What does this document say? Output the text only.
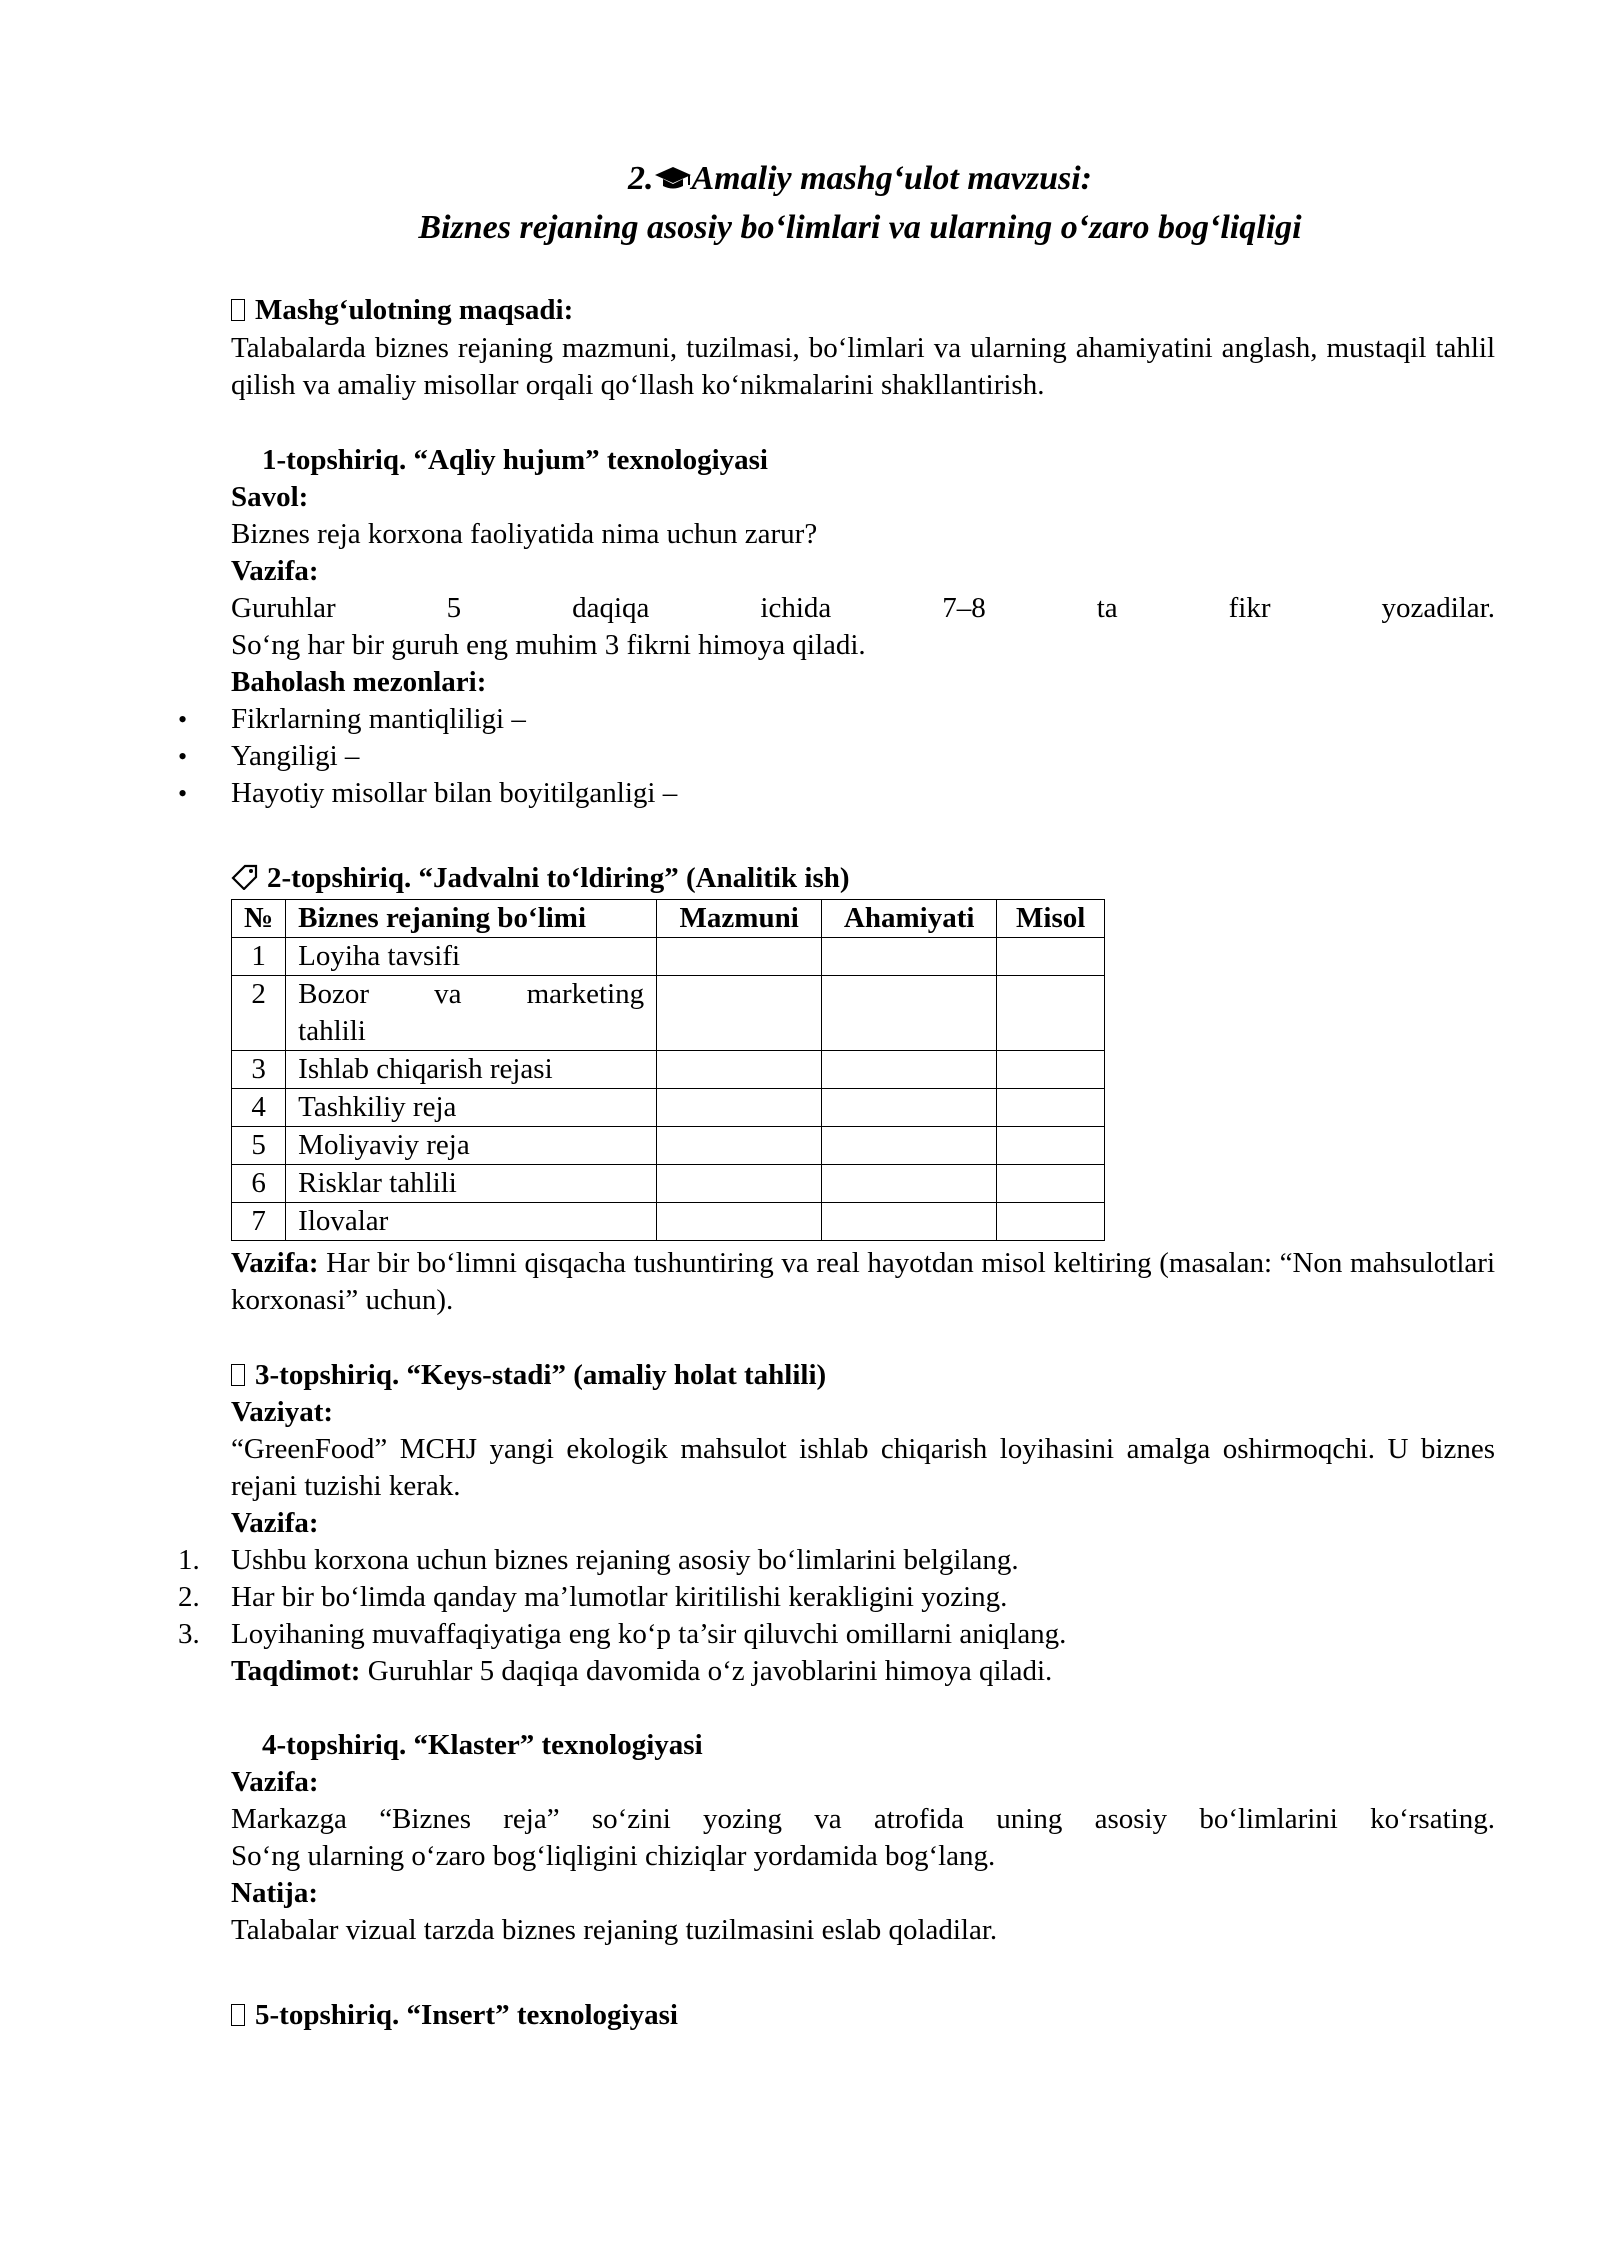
2. Amaliy mashg‘ulot mavzusi:
Biznes rejaning asosiy bo‘limlari va ularning o‘zaro bog‘liqligi
Mashg‘ulotning maqsadi:
Talabalarda biznes rejaning mazmuni, tuzilmasi, bo‘limlari va ularning ahamiyatini anglash, mustaqil tahlil qilish va amaliy misollar orqali qo‘llash ko‘nikmalarini shakllantirish.
1-topshiriq. “Aqliy hujum” texnologiyasi
Savol:
Biznes reja korxona faoliyatida nima uchun zarur?
Vazifa:
Guruhlar	5	daqiqa	ichida	7–8	ta	fikr	yozadilar.
So‘ng har bir guruh eng muhim 3 fikrni himoya qiladi.
Baholash mezonlari:
• Fikrlarning mantiqliligi –
• Yangiligi –
• Hayotiy misollar bilan boyitilganligi –
2-topshiriq. “Jadvalni to‘ldiring” (Analitik ish)
№	Biznes rejaning bo‘limi	Mazmuni	Ahamiyati	Misol
1	Loyiha tavsifi			
2	Bozor va marketing
tahlili			
3	Ishlab chiqarish rejasi			
4	Tashkiliy reja			
5	Moliyaviy reja			
6	Risklar tahlili			
7	Ilovalar			
Vazifa: Har bir bo‘limni qisqacha tushuntiring va real hayotdan misol keltiring (masalan: “Non mahsulotlari korxonasi” uchun).
3-topshiriq. “Keys-stadi” (amaliy holat tahlili)
Vaziyat:
“GreenFood” MCHJ yangi ekologik mahsulot ishlab chiqarish loyihasini amalga oshirmoqchi. U biznes rejani tuzishi kerak.
Vazifa:
1. Ushbu korxona uchun biznes rejaning asosiy bo‘limlarini belgilang.
2. Har bir bo‘limda qanday ma’lumotlar kiritilishi kerakligini yozing.
3. Loyihaning muvaffaqiyatiga eng ko‘p ta’sir qiluvchi omillarni aniqlang.
Taqdimot: Guruhlar 5 daqiqa davomida o‘z javoblarini himoya qiladi.
4-topshiriq. “Klaster” texnologiyasi
Vazifa:
Markazga “Biznes reja” so‘zini yozing va atrofida uning asosiy bo‘limlarini ko‘rsating.
So‘ng ularning o‘zaro bog‘liqligini chiziqlar yordamida bog‘lang.
Natija:
Talabalar vizual tarzda biznes rejaning tuzilmasini eslab qoladilar.
5-topshiriq. “Insert” texnologiyasi
